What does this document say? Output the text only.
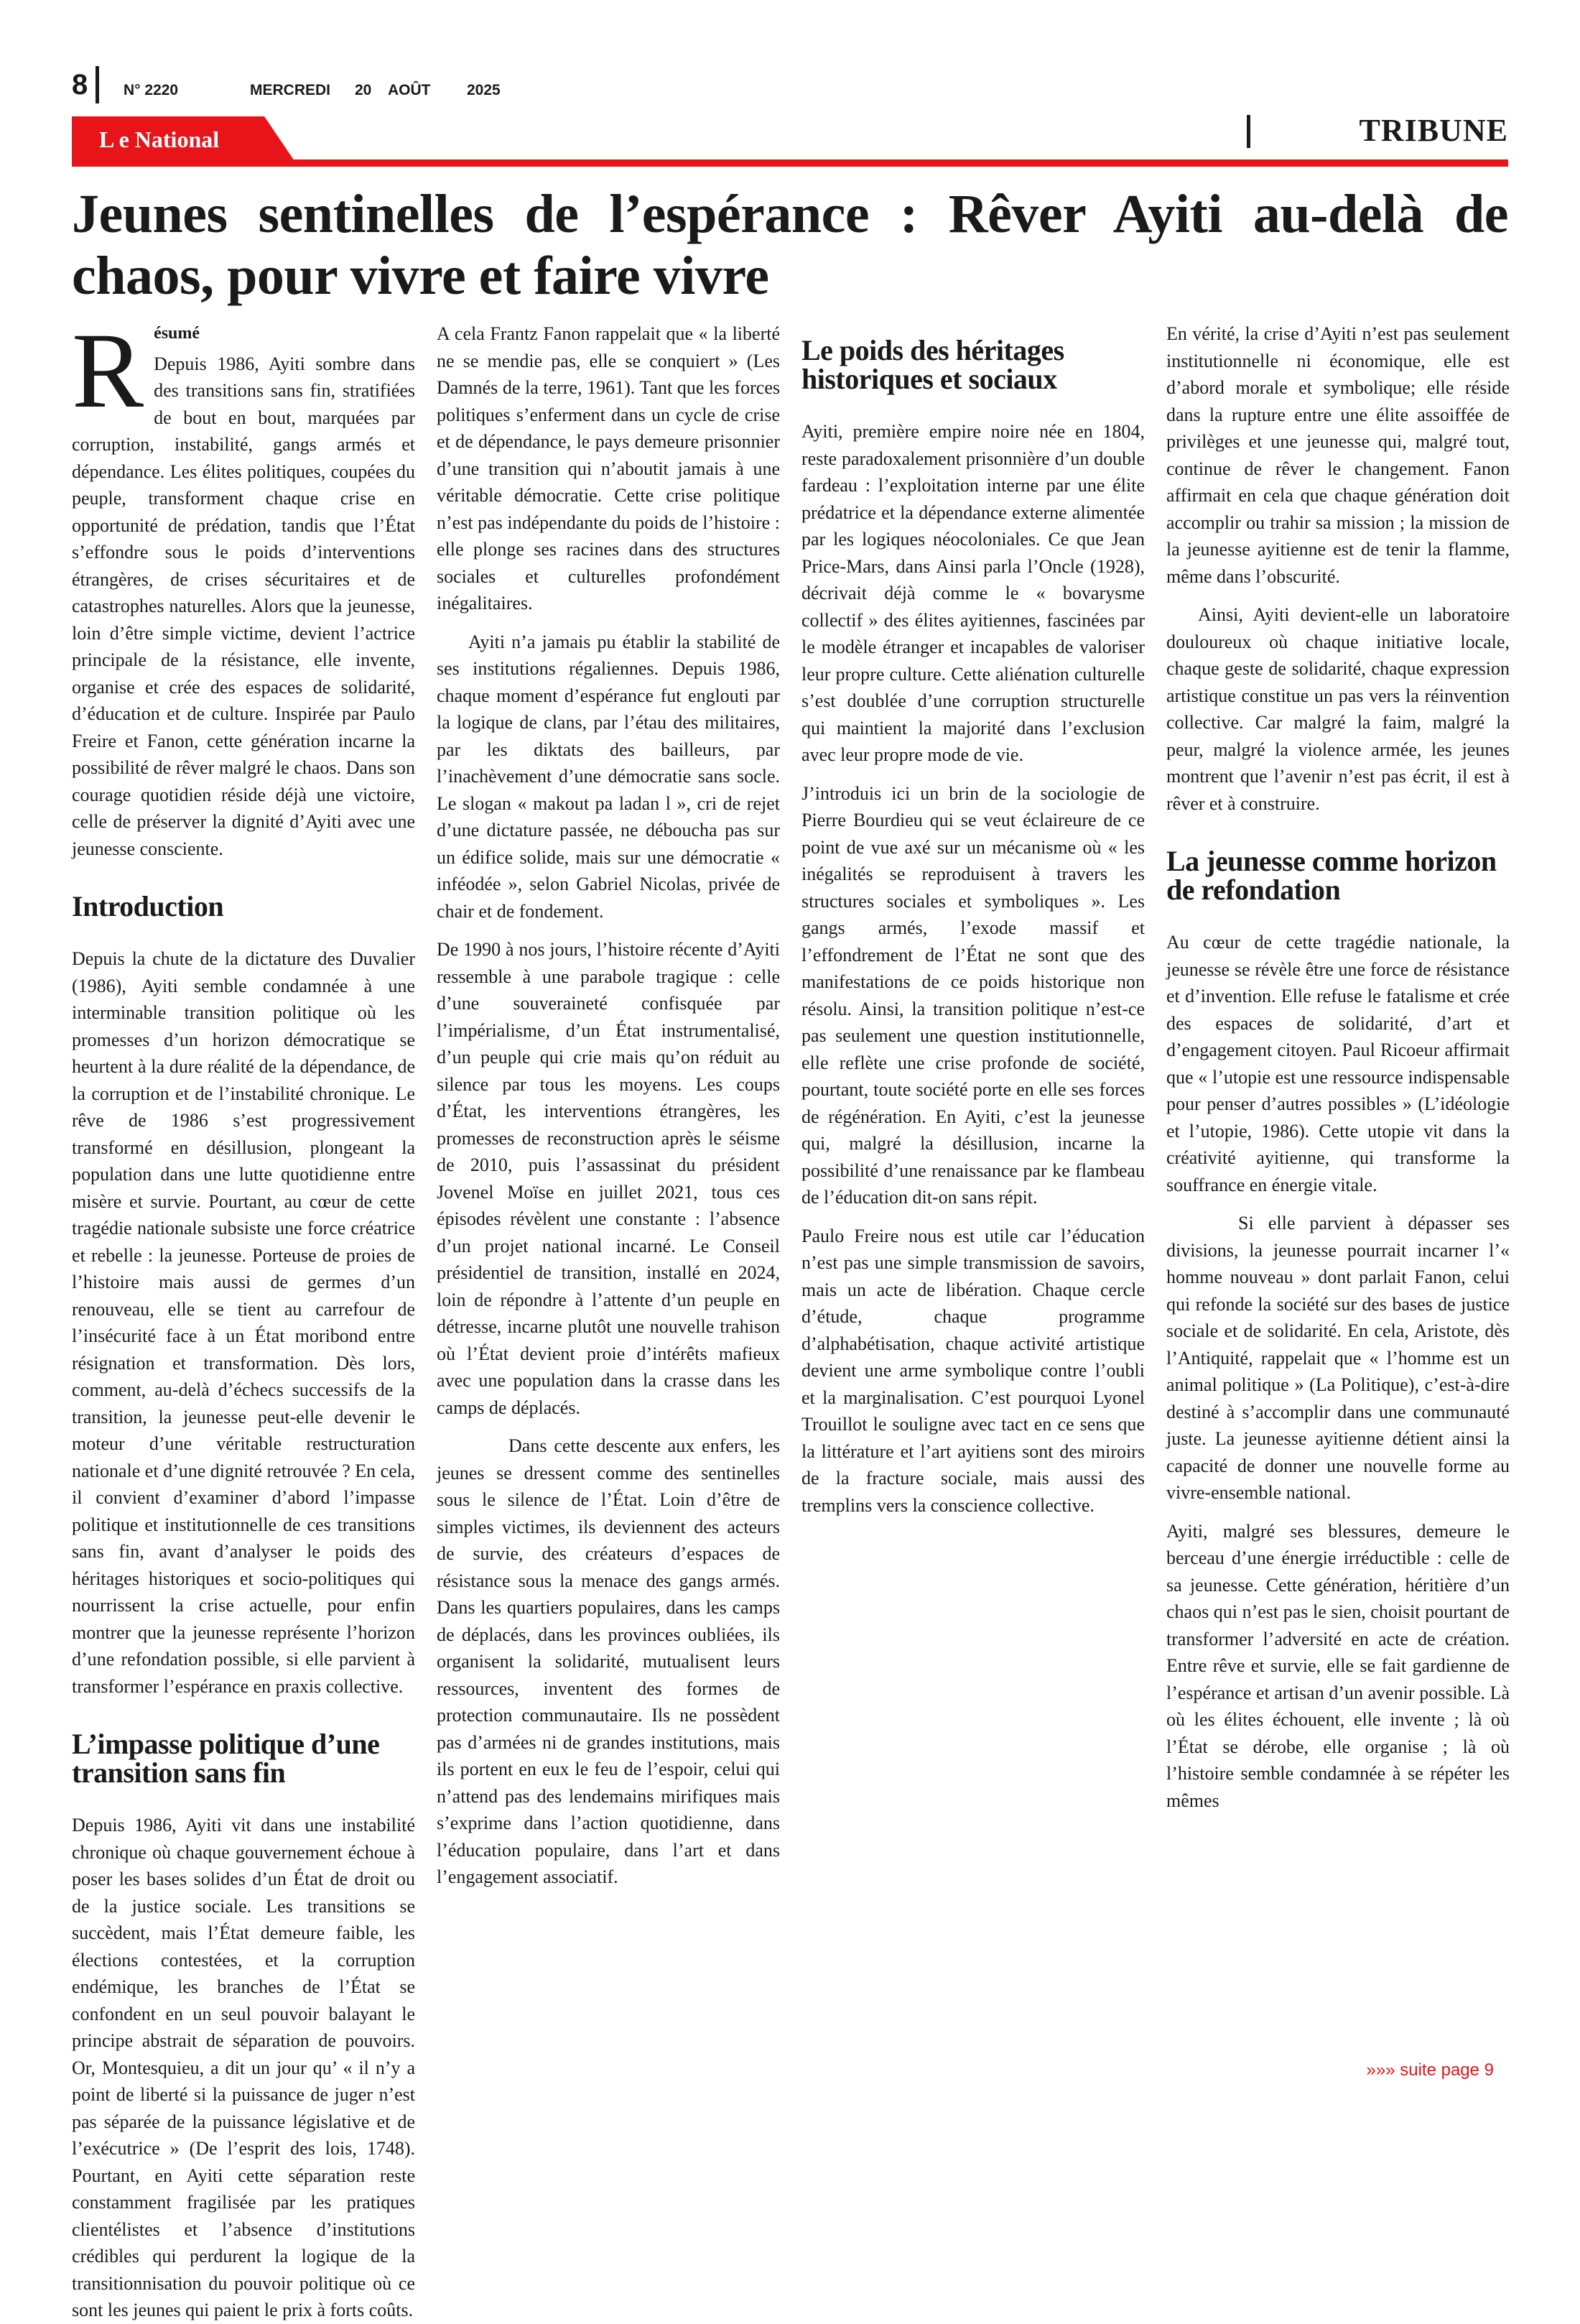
8 N° 2220	MERCREDI 20 AOÛT 2025
L e National	TRIBUNE
Jeunes sentinelles de l’espérance : Rêver Ayiti au-delà de chaos, pour vivre et faire vivre
R ésumé

Depuis 1986, Ayiti sombre dans des transitions sans fin, stratifiées de bout en bout, marquées par corruption, instabilité, gangs armés et dépendance. Les élites politiques, coupées du peuple, transforment chaque crise en opportunité de prédation, tandis que l’État s’effondre sous le poids d’interventions étrangères, de crises sécuritaires et de catastrophes naturelles. Alors que la jeunesse, loin d’être simple victime, devient l’actrice principale de la résistance, elle invente, organise et crée des espaces de solidarité, d’éducation et de culture. Inspirée par Paulo Freire et Fanon, cette génération incarne la possibilité de rêver malgré le chaos. Dans son courage quotidien réside déjà une victoire, celle de préserver la dignité d’Ayiti avec une jeunesse consciente.

Introduction

Depuis la chute de la dictature des Duvalier (1986), Ayiti semble condamnée à une interminable transition politique où les promesses d’un horizon démocratique se heurtent à la dure réalité de la dépendance, de la corruption et de l’instabilité chronique. Le rêve de 1986 s’est progressivement transformé en désillusion, plongeant la population dans une lutte quotidienne entre misère et survie. Pourtant, au cœur de cette tragédie nationale subsiste une force créatrice et rebelle : la jeunesse. Porteuse de proies de l’histoire mais aussi de germes d’un renouveau, elle se tient au carrefour de l’insécurité face à un État moribond entre résignation et transformation. Dès lors, comment, au-delà d’échecs successifs de la transition, la jeunesse peut-elle devenir le moteur d’une véritable restructuration nationale et d’une dignité retrouvée ? En cela, il convient d’examiner d’abord l’impasse politique et institutionnelle de ces transitions sans fin, avant d’analyser le poids des héritages historiques et socio-politiques qui nourrissent la crise actuelle, pour enfin montrer que la jeunesse représente l’horizon d’une refondation possible, si elle parvient à transformer l’espérance en praxis collective.

L’impasse politique d’une transition sans fin

Depuis 1986, Ayiti vit dans une instabilité chronique où chaque gouvernement échoue à poser les bases solides d’un État de droit ou de la justice sociale. Les transitions se succèdent, mais l’État demeure faible, les élections contestées, et la corruption endémique, les branches de l’État se confondent en un seul pouvoir balayant le principe abstrait de séparation de pouvoirs. Or, Montesquieu, a dit un jour qu’ « il n’y a point de liberté si la puissance de juger n’est pas séparée de la puissance législative et de l’exécutrice » (De l’esprit des lois, 1748). Pourtant, en Ayiti cette séparation reste constamment fragilisée par les pratiques clientélistes et l’absence d’institutions crédibles qui perdurent la logique de la transitionnisation du pouvoir politique où ce sont les jeunes qui paient le prix à forts coûts.

A cela Frantz Fanon rappelait que « la liberté ne se mendie pas, elle se conquiert » (Les Damnés de la terre, 1961). Tant que les forces politiques s’enferment dans un cycle de crise et de dépendance, le pays demeure prisonnier d’une transition qui n’aboutit jamais à une véritable démocratie. Cette crise politique n’est pas indépendante du poids de l’histoire : elle plonge ses racines dans des structures sociales et culturelles profondément inégalitaires.

Ayiti n’a jamais pu établir la stabilité de ses institutions régaliennes. Depuis 1986, chaque moment d’espérance fut englouti par la logique de clans, par l’étau des militaires, par les diktats des bailleurs, par l’inachèvement d’une démocratie sans socle. Le slogan « makout pa ladan l », cri de rejet d’une dictature passée, ne déboucha pas sur un édifice solide, mais sur une démocratie « inféodée », selon Gabriel Nicolas, privée de chair et de fondement.

De 1990 à nos jours, l’histoire récente d’Ayiti ressemble à une parabole tragique : celle d’une souveraineté confisquée par l’impérialisme, d’un État instrumentalisé, d’un peuple qui crie mais qu’on réduit au silence par tous les moyens. Les coups d’État, les interventions étrangères, les promesses de reconstruction après le séisme de 2010, puis l’assassinat du président Jovenel Moïse en juillet 2021, tous ces épisodes révèlent une constante : l’absence d’un projet national incarné. Le Conseil présidentiel de transition, installé en 2024, loin de répondre à l’attente d’un peuple en détresse, incarne plutôt une nouvelle trahison où l’État devient proie d’intérêts mafieux avec une population dans la crasse dans les camps de déplacés.

Dans cette descente aux enfers, les jeunes se dressent comme des sentinelles sous le silence de l’État. Loin d’être de simples victimes, ils deviennent des acteurs de survie, des créateurs d’espaces de résistance sous la menace des gangs armés. Dans les quartiers populaires, dans les camps de déplacés, dans les provinces oubliées, ils organisent la solidarité, mutualisent leurs ressources, inventent des formes de protection communautaire. Ils ne possèdent pas d’armées ni de grandes institutions, mais ils portent en eux le feu de l’espoir, celui qui n’attend pas des lendemains mirifiques mais s’exprime dans l’action quotidienne, dans l’éducation populaire, dans l’art et dans l’engagement associatif.

Le poids des héritages historiques et sociaux

Ayiti, première empire noire née en 1804, reste paradoxalement prisonnière d’un double fardeau : l’exploitation interne par une élite prédatrice et la dépendance externe alimentée par les logiques néocoloniales. Ce que Jean Price-Mars, dans Ainsi parla l’Oncle (1928), décrivait déjà comme le « bovarysme collectif » des élites ayitiennes, fascinées par le modèle étranger et incapables de valoriser leur propre culture. Cette aliénation culturelle s’est doublée d’une corruption structurelle qui maintient la majorité dans l’exclusion avec leur propre mode de vie.

J’introduis ici un brin de la sociologie de Pierre Bourdieu qui se veut éclaireure de ce point de vue axé sur un mécanisme où « les inégalités se reproduisent à travers les structures sociales et symboliques ». Les gangs armés, l’exode massif et l’effondrement de l’État ne sont que des manifestations de ce poids historique non résolu. Ainsi, la transition politique n’est-ce pas seulement une question institutionnelle, elle reflète une crise profonde de société, pourtant, toute société porte en elle ses forces de régénération. En Ayiti, c’est la jeunesse qui, malgré la désillusion, incarne la possibilité d’une renaissance par ke flambeau de l’éducation dit-on sans répit.

Paulo Freire nous est utile car l’éducation n’est pas une simple transmission de savoirs, mais un acte de libération. Chaque cercle d’étude, chaque programme d’alphabétisation, chaque activité artistique devient une arme symbolique contre l’oubli et la marginalisation. C’est pourquoi Lyonel Trouillot le souligne avec tact en ce sens que la littérature et l’art ayitiens sont des miroirs de la fracture sociale, mais aussi des tremplins vers la conscience collective.

En vérité, la crise d’Ayiti n’est pas seulement institutionnelle ni économique, elle est d’abord morale et symbolique; elle réside dans la rupture entre une élite assoiffée de privilèges et une jeunesse qui, malgré tout, continue de rêver le changement. Fanon affirmait en cela que chaque génération doit accomplir ou trahir sa mission ; la mission de la jeunesse ayitienne est de tenir la flamme, même dans l’obscurité.

Ainsi, Ayiti devient-elle un laboratoire douloureux où chaque initiative locale, chaque geste de solidarité, chaque expression artistique constitue un pas vers la réinvention collective. Car malgré la faim, malgré la peur, malgré la violence armée, les jeunes montrent que l’avenir n’est pas écrit, il est à rêver et à construire.

La jeunesse comme horizon de refondation

Au cœur de cette tragédie nationale, la jeunesse se révèle être une force de résistance et d’invention. Elle refuse le fatalisme et crée des espaces de solidarité, d’art et d’engagement citoyen. Paul Ricoeur affirmait que « l’utopie est une ressource indispensable pour penser d’autres possibles » (L’idéologie et l’utopie, 1986). Cette utopie vit dans la créativité ayitienne, qui transforme la souffrance en énergie vitale.

Si elle parvient à dépasser ses divisions, la jeunesse pourrait incarner l’« homme nouveau » dont parlait Fanon, celui qui refonde la société sur des bases de justice sociale et de solidarité. En cela, Aristote, dès l’Antiquité, rappelait que « l’homme est un animal politique » (La Politique), c’est-à-dire destiné à s’accomplir dans une communauté juste. La jeunesse ayitienne détient ainsi la capacité de donner une nouvelle forme au vivre-ensemble national.

Ayiti, malgré ses blessures, demeure le berceau d’une énergie irréductible : celle de sa jeunesse. Cette génération, héritière d’un chaos qui n’est pas le sien, choisit pourtant de transformer l’adversité en acte de création. Entre rêve et survie, elle se fait gardienne de l’espérance et artisan d’un avenir possible. Là où les élites échouent, elle invente ; là où l’État se dérobe, elle organise ; là où l’histoire semble condamnée à se répéter les mêmes

»»» suite page 9
